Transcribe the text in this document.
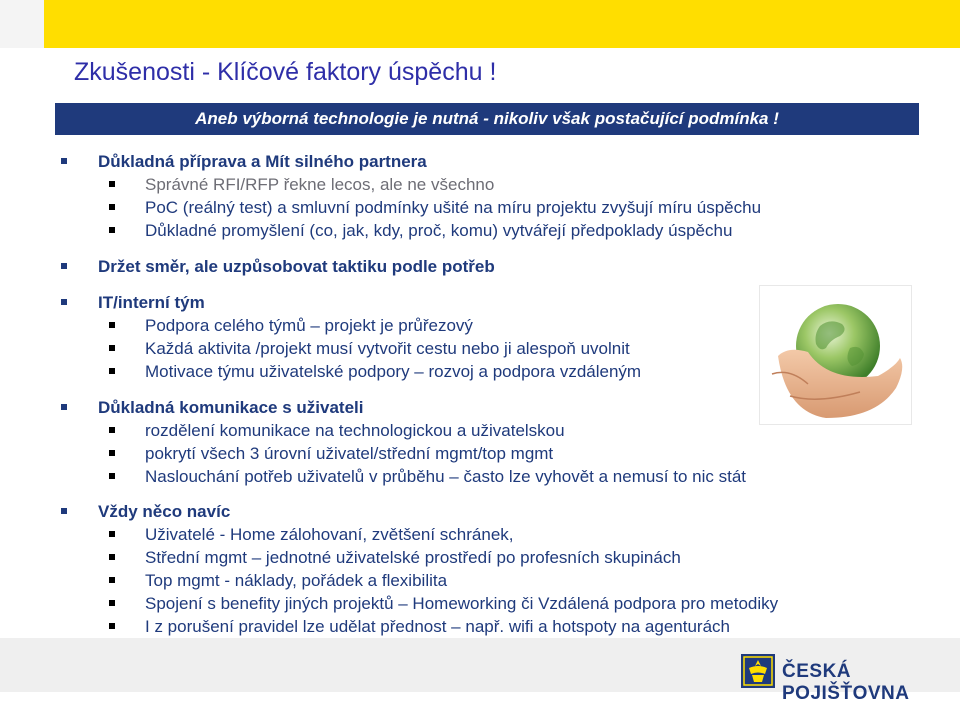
Zkušenosti - Klíčové faktory úspěchu !
Aneb výborná technologie je nutná - nikoliv však postačující podmínka !
Důkladná příprava a Mít silného partnera
Správné RFI/RFP řekne lecos, ale ne všechno
PoC (reálný test) a smluvní podmínky ušité na míru projektu zvyšují míru úspěchu
Důkladné promyšlení (co, jak, kdy, proč, komu) vytvářejí předpoklady úspěchu
Držet směr, ale uzpůsobovat taktiku podle potřeb
IT/interní tým
Podpora celého týmů – projekt je průřezový
Každá aktivita /projekt musí vytvořit cestu nebo ji alespoň uvolnit
Motivace týmu uživatelské podpory – rozvoj a podpora vzdáleným
Důkladná komunikace s uživateli
rozdělení komunikace na technologickou a uživatelskou
pokrytí všech 3 úrovní uživatel/střední mgmt/top mgmt
Naslouchání potřeb uživatelů v průběhu – často lze vyhovět a nemusí to nic stát
Vždy něco navíc
Uživatelé - Home zálohovaní, zvětšení schránek,
Střední mgmt – jednotné uživatelské prostředí po profesních skupinách
Top mgmt - náklady, pořádek a flexibilita
Spojení s benefity jiných projektů – Homeworking či Vzdálená podpora pro metodiky
I z porušení pravidel lze udělat přednost – např. wifi a hotspoty na agenturách
ČESKÁ POJIŠŤOVNA
